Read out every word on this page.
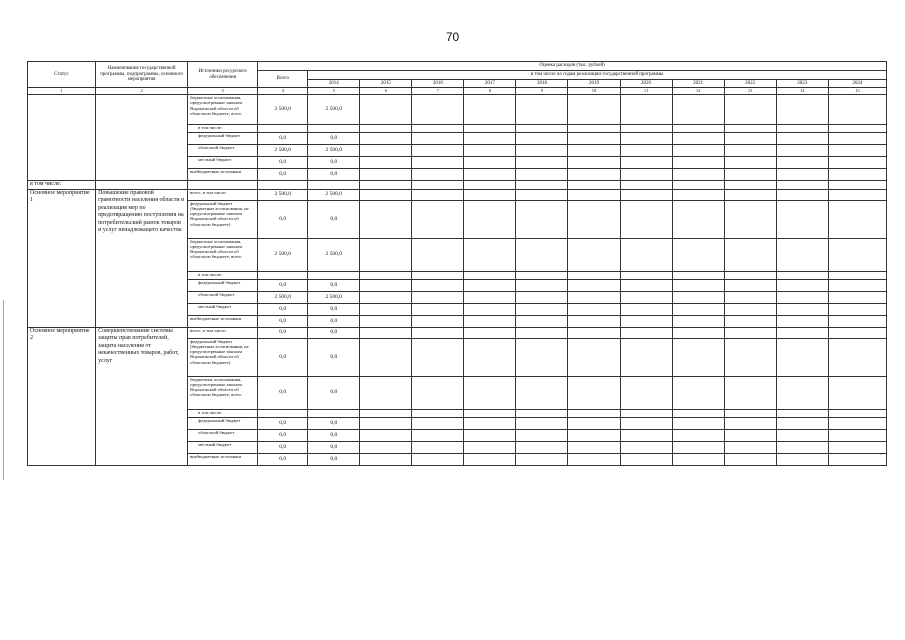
70
•
Статус	Наименование государственной программы, подпрограммы, основного мероприятия	Источники ресурсного обеспечения	Оценка расходов (тыс. рублей)											
			Всего	в том числе по годам реализации государственной программы										
				2014	2015	2016	2017	2018	2019	2020	2021	2022	2023	2024
1	2	3	4	5	6	7	8	9	10	11	12	13	14	15
		бюджетные ассигнования, предусмотренные законом Воронежской области об областном бюджете, всего	2 500,0	2 500,0										
		в том числе:												
		федеральный бюджет	0,0	0,0										
		областной бюджет	2 500,0	2 500,0										
		местный бюджет	0,0	0,0										
		внебюджетные источники	0,0	0,0										
в том числе:														
Основное мероприятие 1	Повышение правовой грамотности населения области и реализация мер по предотвращению поступления на потребительский рынок товаров и услуг ненадлежащего качества	всего, в том числе:	2 500,0	2 500,0										
		федеральный бюджет (бюджетные ассигнования, не предусмотренные законом Воронежской области об областном бюджете)	0,0	0,0										
		бюджетные ассигнования, предусмотренные законом Воронежской области об областном бюджете, всего	2 500,0	2 500,0										
		в том числе:												
		федеральный бюджет	0,0	0,0										
		областной бюджет	2 500,0	2 500,0										
		местный бюджет	0,0	0,0										
		внебюджетные источники	0,0	0,0										
Основное мероприятие 2	Совершенствование системы защиты прав потребителей, защита населения от некачественных товаров, работ, услуг	всего, в том числе:	0,0	0,0										
		федеральный бюджет (бюджетные ассигнования, не предусмотренные законом Воронежской области об областном бюджете)	0,0	0,0										
		бюджетные ассигнования, предусмотренные законом Воронежской области об областном бюджете, всего	0,0	0,0										
		в том числе:												
		федеральный бюджет	0,0	0,0										
		областной бюджет	0,0	0,0										
		местный бюджет	0,0	0,0										
		внебюджетные источники	0,0	0,0										
